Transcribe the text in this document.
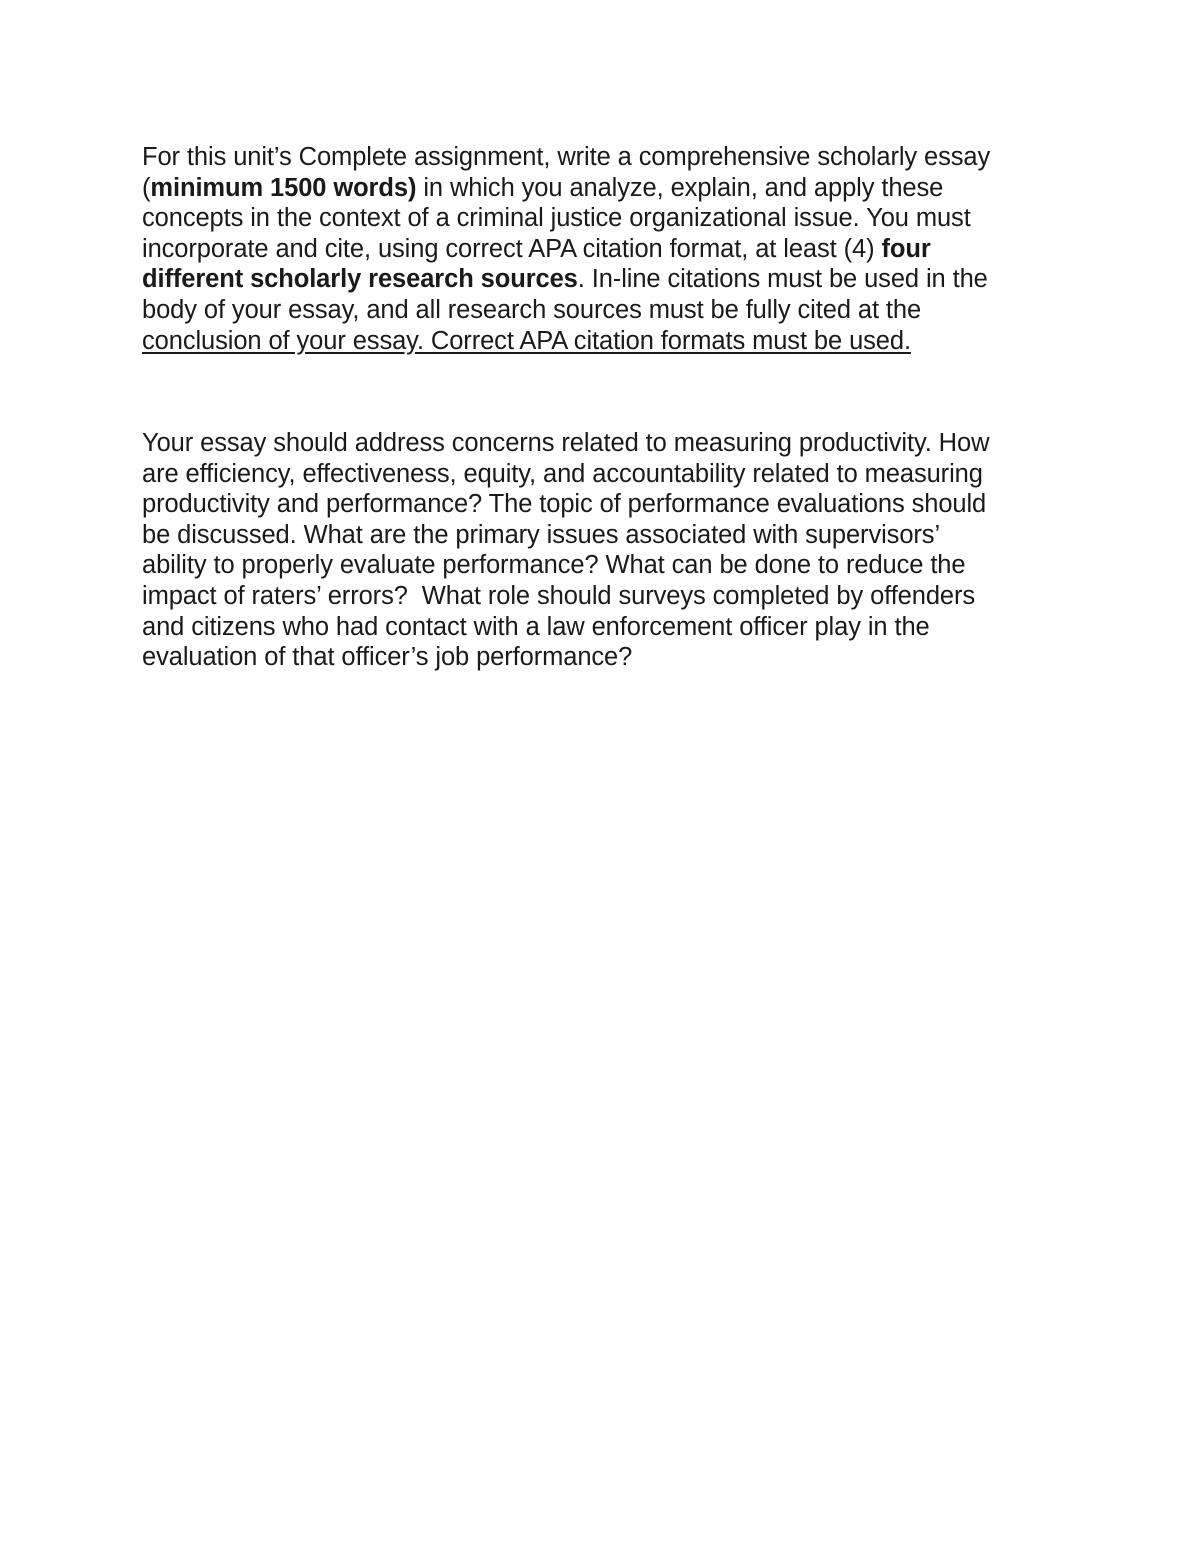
For this unit’s Complete assignment, write a comprehensive scholarly essay
(minimum 1500 words) in which you analyze, explain, and apply these
concepts in the context of a criminal justice organizational issue. You must
incorporate and cite, using correct APA citation format, at least (4) four
different scholarly research sources. In-line citations must be used in the
body of your essay, and all research sources must be fully cited at the
conclusion of your essay. Correct APA citation formats must be used.
Your essay should address concerns related to measuring productivity. How
are efficiency, effectiveness, equity, and accountability related to measuring
productivity and performance? The topic of performance evaluations should
be discussed. What are the primary issues associated with supervisors’
ability to properly evaluate performance? What can be done to reduce the
impact of raters’ errors?  What role should surveys completed by offenders
and citizens who had contact with a law enforcement officer play in the
evaluation of that officer’s job performance?
